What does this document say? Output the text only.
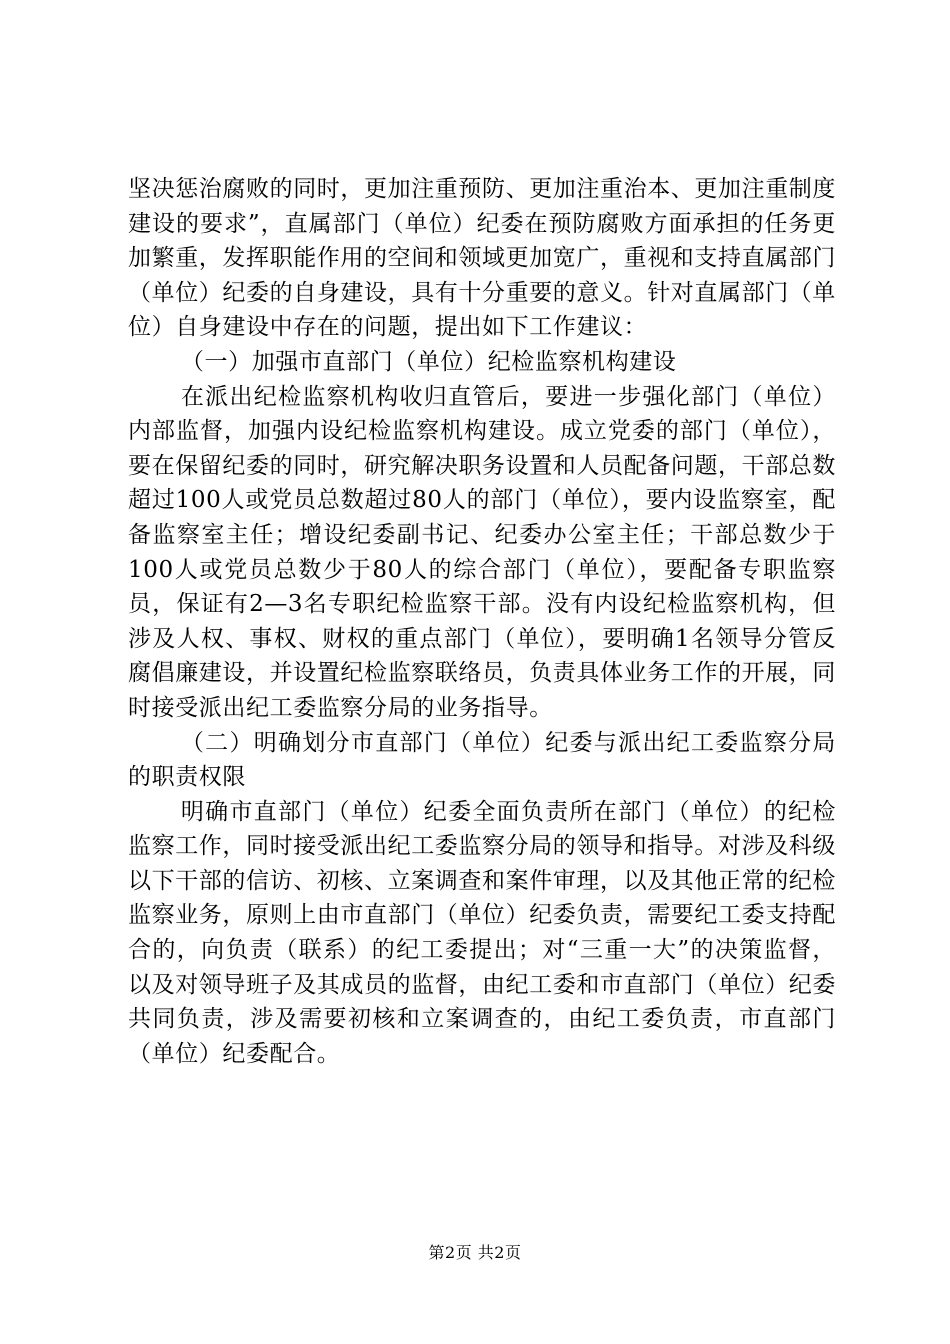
坚决惩治腐败的同时，更加注重预防、更加注重治本、更加注重制度建设的要求”，直属部门（单位）纪委在预防腐败方面承担的任务更加繁重，发挥职能作用的空间和领域更加宽广，重视和支持直属部门（单位）纪委的自身建设，具有十分重要的意义。针对直属部门（单位）自身建设中存在的问题，提出如下工作建议：

（一）加强市直部门（单位）纪检监察机构建设

在派出纪检监察机构收归直管后，要进一步强化部门（单位）内部监督，加强内设纪检监察机构建设。成立党委的部门（单位），要在保留纪委的同时，研究解决职务设置和人员配备问题，干部总数超过100人或党员总数超过80人的部门（单位），要内设监察室，配备监察室主任；增设纪委副书记、纪委办公室主任；干部总数少于100人或党员总数少于80人的综合部门（单位），要配备专职监察员，保证有2—3名专职纪检监察干部。没有内设纪检监察机构，但涉及人权、事权、财权的重点部门（单位），要明确1名领导分管反腐倡廉建设，并设置纪检监察联络员，负责具体业务工作的开展，同时接受派出纪工委监察分局的业务指导。

（二）明确划分市直部门（单位）纪委与派出纪工委监察分局的职责权限

明确市直部门（单位）纪委全面负责所在部门（单位）的纪检监察工作，同时接受派出纪工委监察分局的领导和指导。对涉及科级以下干部的信访、初核、立案调查和案件审理，以及其他正常的纪检监察业务，原则上由市直部门（单位）纪委负责，需要纪工委支持配合的，向负责（联系）的纪工委提出；对“三重一大”的决策监督，以及对领导班子及其成员的监督，由纪工委和市直部门（单位）纪委共同负责，涉及需要初核和立案调查的，由纪工委负责，市直部门（单位）纪委配合。

第2页 共2页
